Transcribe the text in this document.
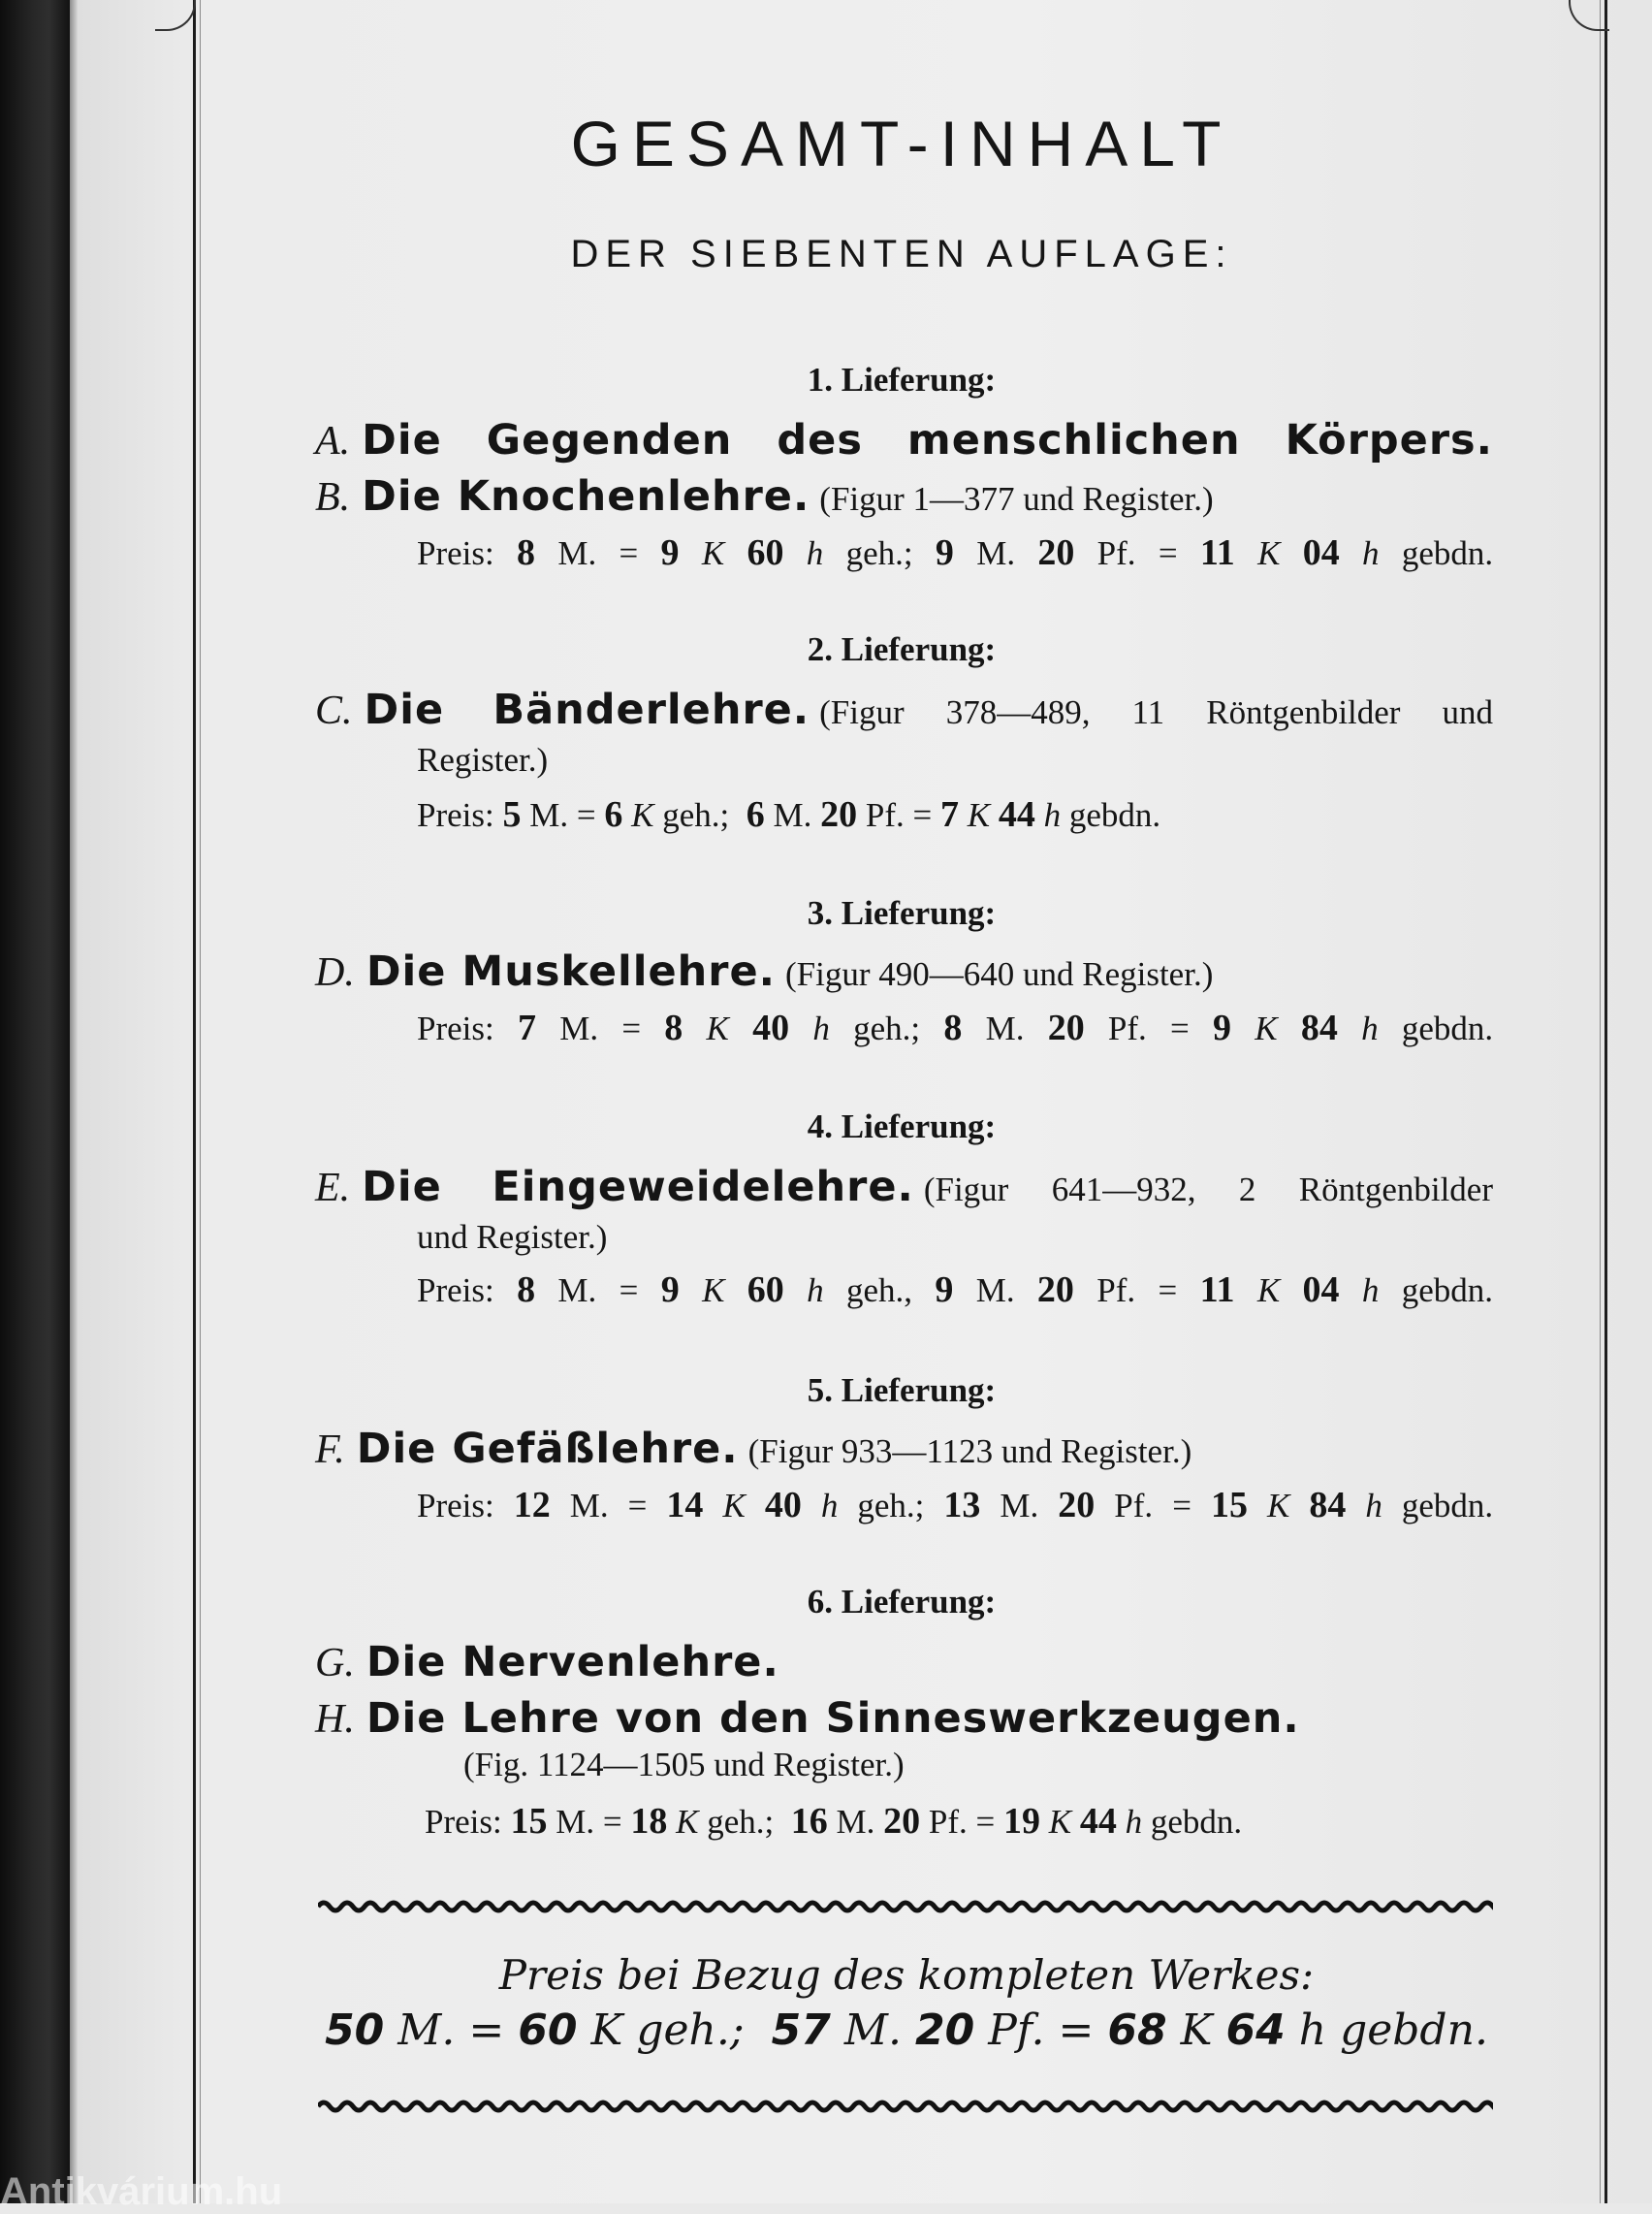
GESAMT-INHALT
DER SIEBENTEN AUFLAGE:
1. Lieferung:
A. Die Gegenden des menschlichen Körpers.
B. Die Knochenlehre. (Figur 1—377 und Register.)
Preis: 8 M. = 9 K 60 h geh.; 9 M. 20 Pf. = 11 K 04 h gebdn.
2. Lieferung:
C. Die Bänderlehre. (Figur 378—489, 11 Röntgenbilder und
Register.)
Preis: 5 M. = 6 K geh.; 6 M. 20 Pf. = 7 K 44 h gebdn.
3. Lieferung:
D. Die Muskellehre. (Figur 490—640 und Register.)
Preis: 7 M. = 8 K 40 h geh.; 8 M. 20 Pf. = 9 K 84 h gebdn.
4. Lieferung:
E. Die Eingeweidelehre. (Figur 641—932, 2 Röntgenbilder
und Register.)
Preis: 8 M. = 9 K 60 h geh., 9 M. 20 Pf. = 11 K 04 h gebdn.
5. Lieferung:
F. Die Gefäßlehre. (Figur 933—1123 und Register.)
Preis: 12 M. = 14 K 40 h geh.; 13 M. 20 Pf. = 15 K 84 h gebdn.
6. Lieferung:
G. Die Nervenlehre.
H. Die Lehre von den Sinneswerkzeugen.
(Fig. 1124—1505 und Register.)
Preis: 15 M. = 18 K geh.; 16 M. 20 Pf. = 19 K 44 h gebdn.
Preis bei Bezug des kompleten Werkes:
50 M. = 60 K geh.; 57 M. 20 Pf. = 68 K 64 h gebdn.
Antikvárium.hu
